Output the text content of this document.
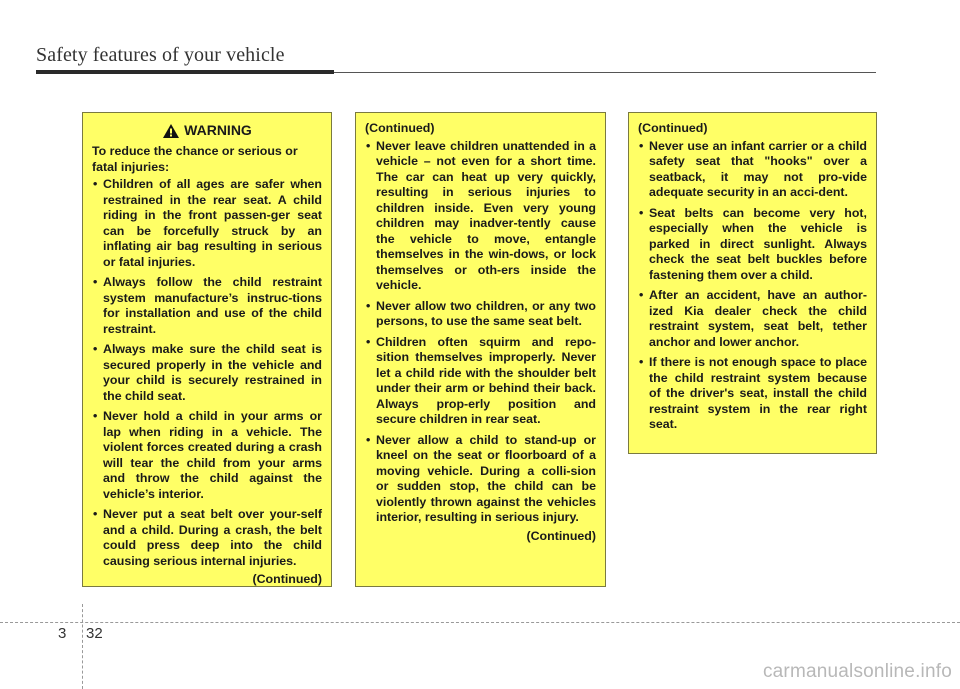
Safety features of your vehicle
WARNING
To reduce the chance or serious or fatal injuries:
• Children of all ages are safer when restrained in the rear seat. A child riding in the front passen-ger seat can be forcefully struck by an inflating air bag resulting in serious or fatal injuries.
• Always follow the child restraint system manufacture’s instruc-tions for installation and use of the child restraint.
• Always make sure the child seat is secured properly in the vehicle and your child is securely restrained in the child seat.
• Never hold a child in your arms or lap when riding in a vehicle. The violent forces created during a crash will tear the child from your arms and throw the child against the vehicle’s interior.
• Never put a seat belt over your-self and a child. During a crash, the belt could press deep into the child causing serious internal injuries.
(Continued)
(Continued)
• Never leave children unattended in a vehicle – not even for a short time. The car can heat up very quickly, resulting in serious injuries to children inside. Even very young children may inadver-tently cause the vehicle to move, entangle themselves in the win-dows, or lock themselves or oth-ers inside the vehicle.
• Never allow two children, or any two persons, to use the same seat belt.
• Children often squirm and repo-sition themselves improperly. Never let a child ride with the shoulder belt under their arm or behind their back. Always prop-erly position and secure children in rear seat.
• Never allow a child to stand-up or kneel on the seat or floorboard of a moving vehicle. During a colli-sion or sudden stop, the child can be violently thrown against the vehicles interior, resulting in serious injury.
(Continued)
(Continued)
• Never use an infant carrier or a child safety seat that "hooks" over a seatback, it may not pro-vide adequate security in an acci-dent.
• Seat belts can become very hot, especially when the vehicle is parked in direct sunlight. Always check the seat belt buckles before fastening them over a child.
• After an accident, have an author-ized Kia dealer check the child restraint system, seat belt, tether anchor and lower anchor.
• If there is not enough space to place the child restraint system because of the driver's seat, install the child restraint system in the rear right seat.
3 32
carmanualsonline.info
